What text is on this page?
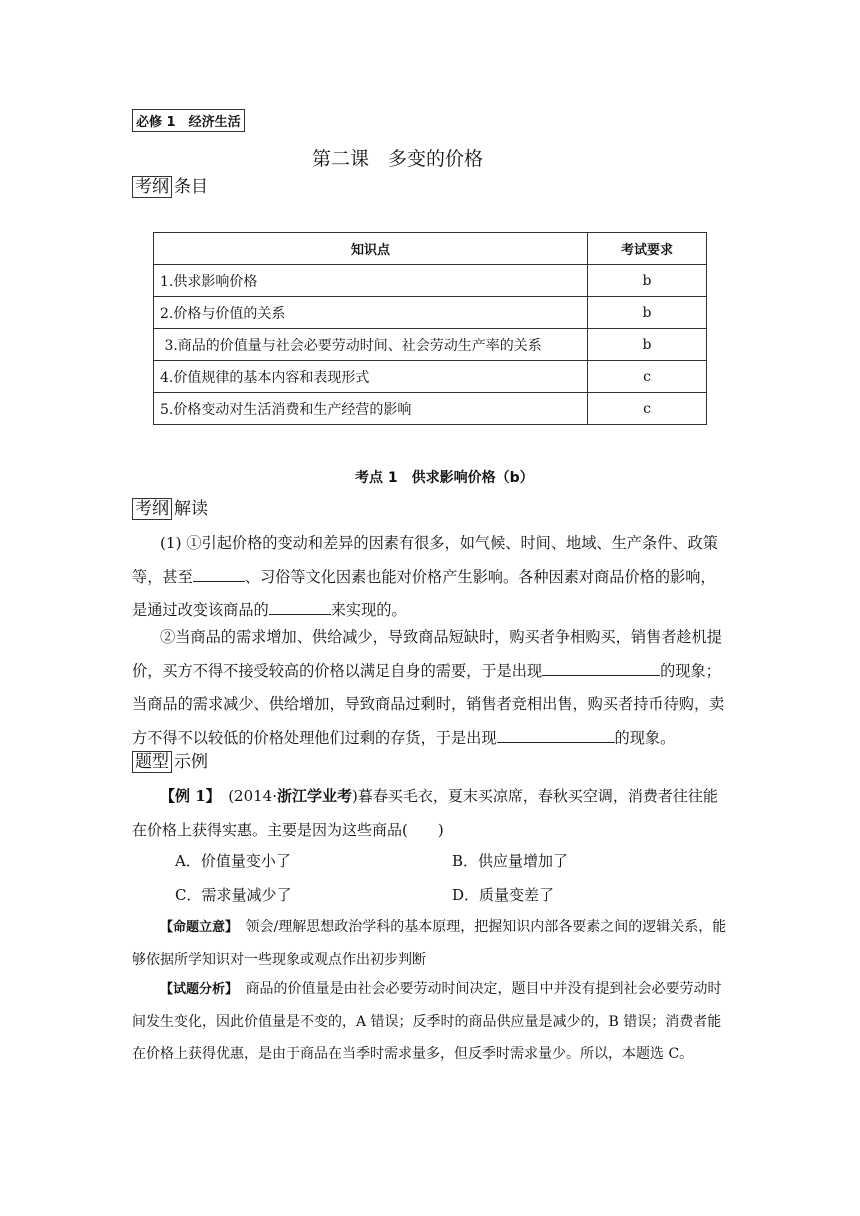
必修 1　经济生活
第二课　多变的价格
考纲 条目
知识点	考试要求
1.供求影响价格	b
2.价格与价值的关系	b
3.商品的价值量与社会必要劳动时间、社会劳动生产率的关系	b
4.价值规律的基本内容和表现形式	c
5.价格变动对生活消费和生产经营的影响	c
考点 1　供求影响价格（b）
考纲 解读
(1) ①引起价格的变动和差异的因素有很多，如气候、时间、地域、生产条件、政策等，甚至	、习俗等文化因素也能对价格产生影响。各种因素对商品价格的影响，是通过改变该商品的	来实现的。
②当商品的需求增加、供给减少，导致商品短缺时，购买者争相购买，销售者趁机提价，买方不得不接受较高的价格以满足自身的需要，于是出现	的现象；当商品的需求减少、供给增加，导致商品过剩时，销售者竞相出售，购买者持币待购，卖方不得不以较低的价格处理他们过剩的存货，于是出现	的现象。
题型 示例
【例 1】　 (2014·浙江学业考)暮春买毛衣，夏末买凉席，春秋买空调，消费者往往能在价格上获得实惠。主要是因为这些商品(　　)
A．价值量变小了	B．供应量增加了
C．需求量减少了	D．质量变差了
【命题立意】　领会/理解思想政治学科的基本原理，把握知识内部各要素之间的逻辑关系，能够依据所学知识对一些现象或观点作出初步判断
【试题分析】　商品的价值量是由社会必要劳动时间决定，题目中并没有提到社会必要劳动时间发生变化，因此价值量是不变的，A 错误；反季时的商品供应量是减少的，B 错误；消费者能在价格上获得优惠，是由于商品在当季时需求量多，但反季时需求量少。所以，本题选 C。
